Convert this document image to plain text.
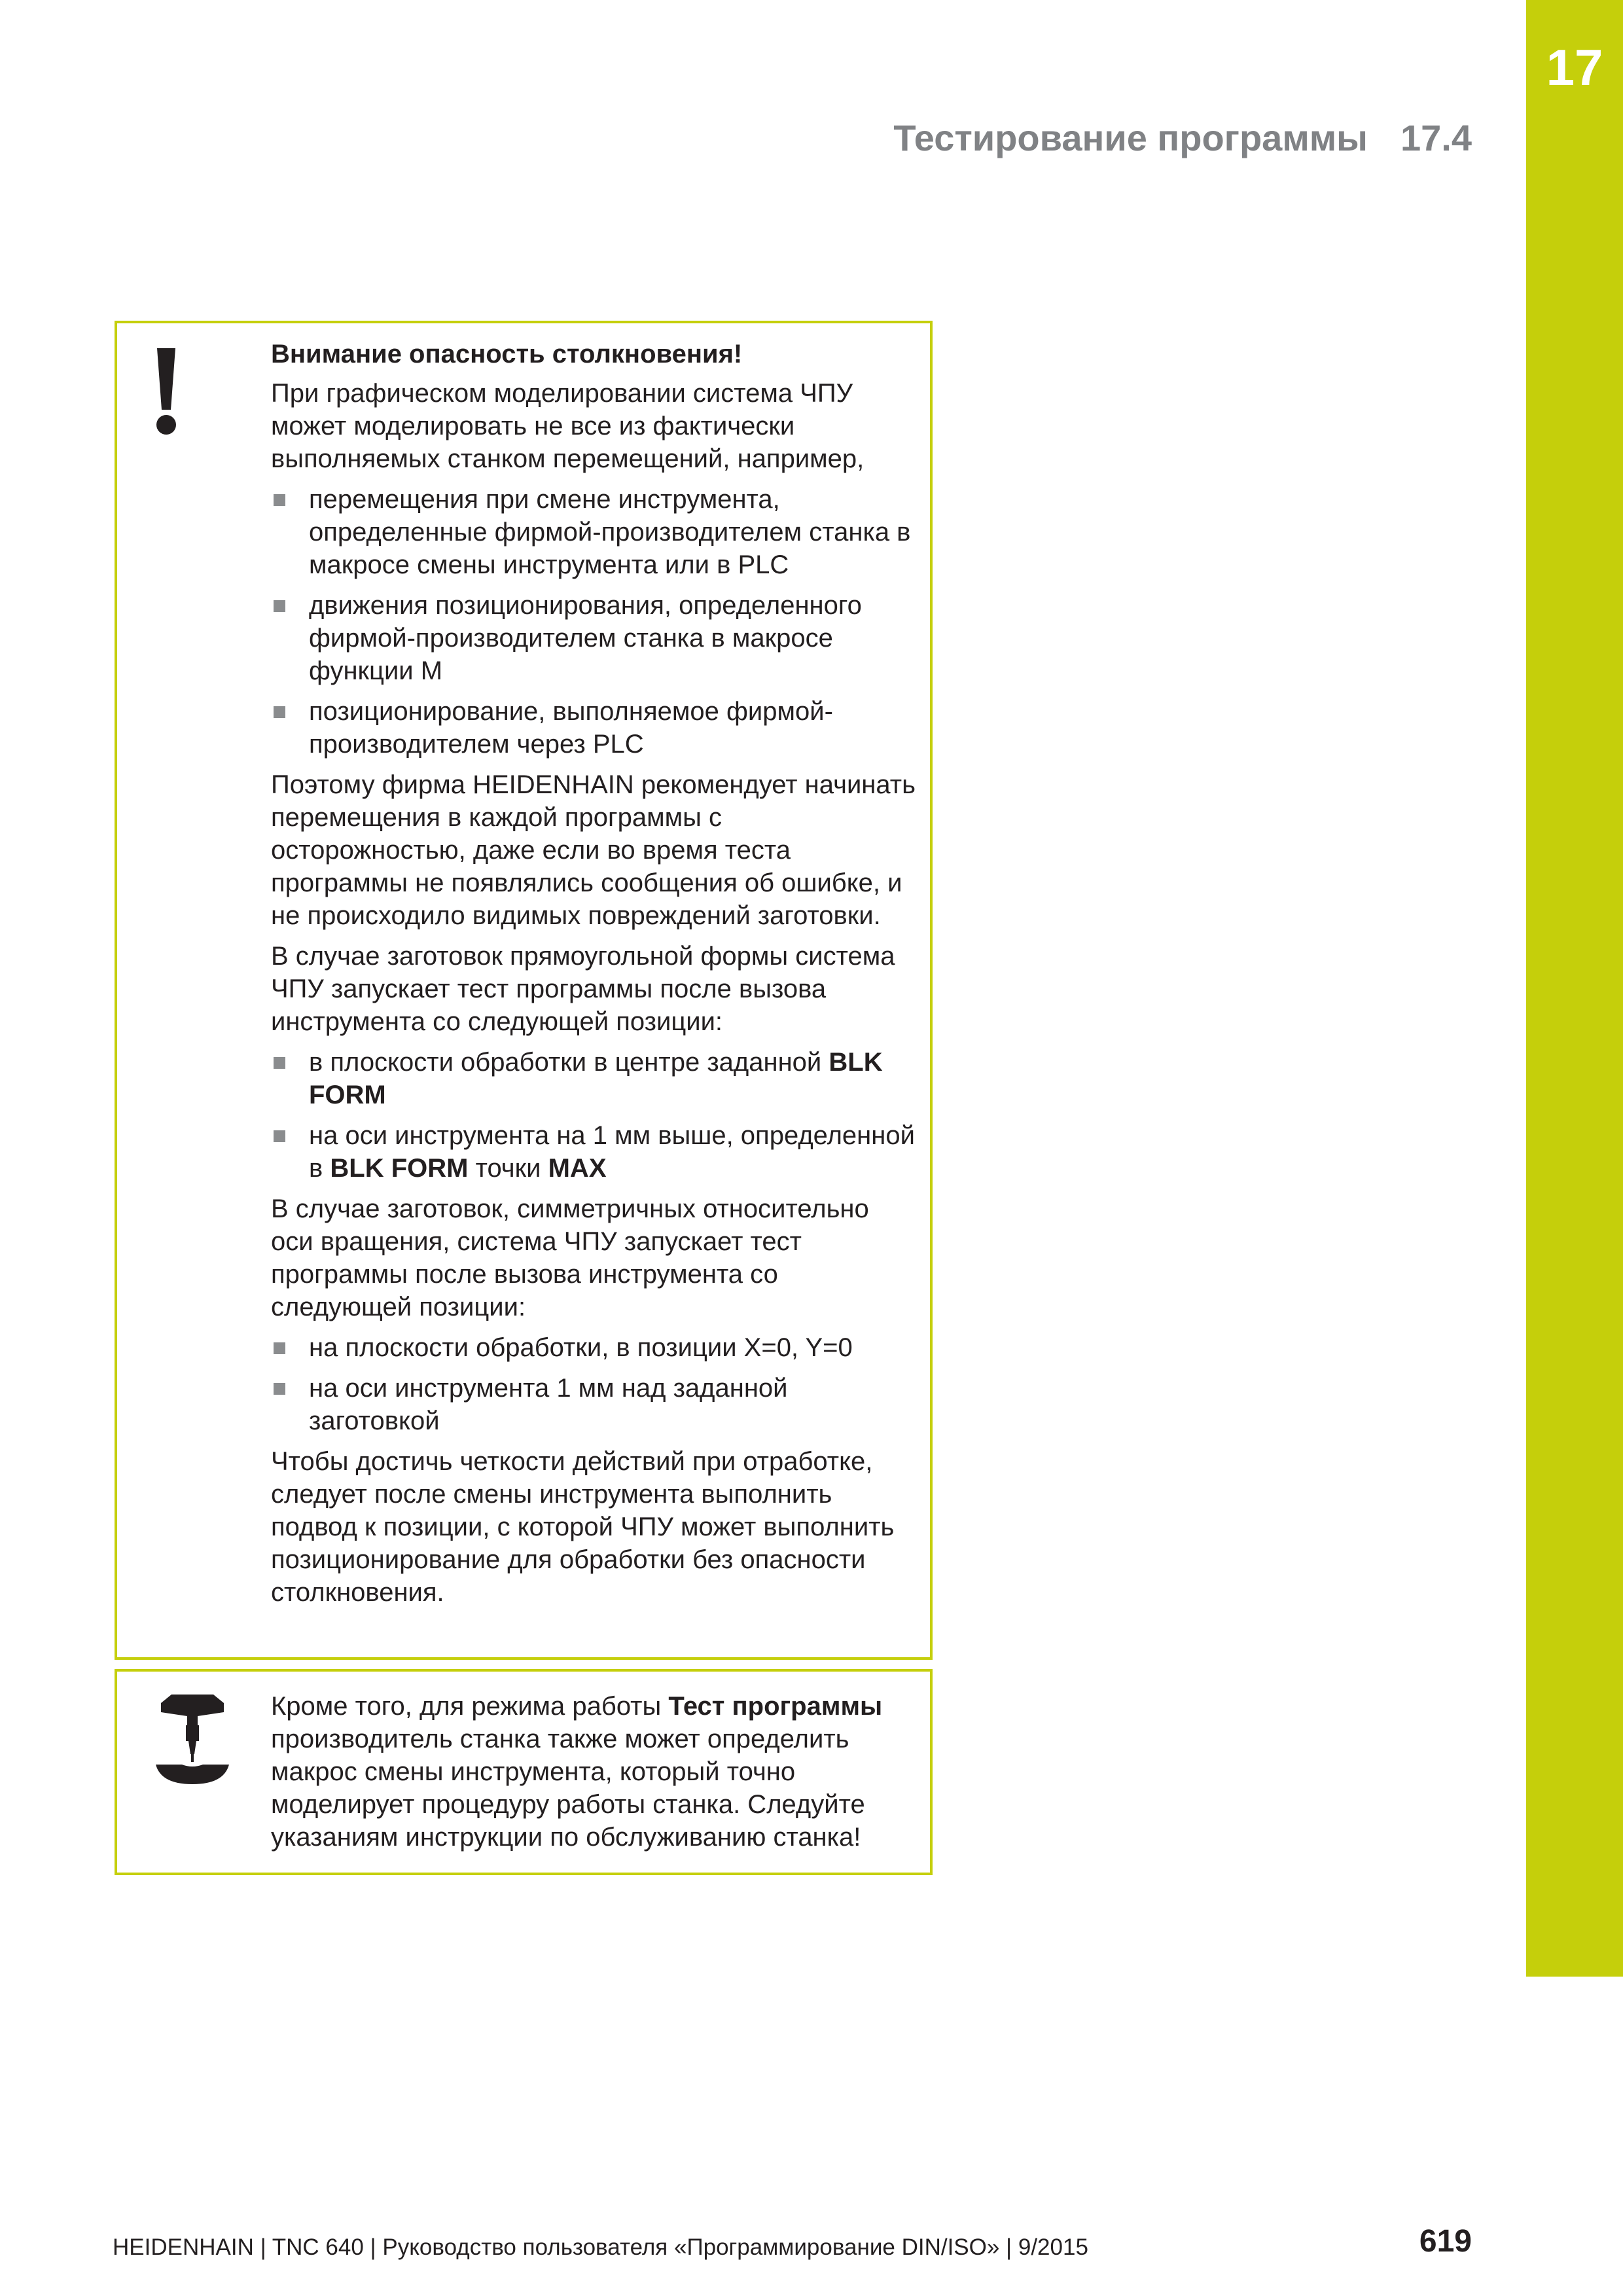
17
Тестирование программы 17.4

Внимание опасность столкновения!

При графическом моделировании система ЧПУ может моделировать не все из фактически выполняемых станком перемещений, например,

перемещения при смене инструмента, определенные фирмой-производителем станка в макросе смены инструмента или в PLC
движения позиционирования, определенного фирмой-производителем станка в макросе функции M
позиционирование, выполняемое фирмой-производителем через PLC

Поэтому фирма HEIDENHAIN рекомендует начинать перемещения в каждой программы с осторожностью, даже если во время теста программы не появлялись сообщения об ошибке, и не происходило видимых повреждений заготовки.

В случае заготовок прямоугольной формы система ЧПУ запускает тест программы после вызова инструмента со следующей позиции:

в плоскости обработки в центре заданной BLK FORM
на оси инструмента на 1 мм выше, определенной в BLK FORM точки MAX

В случае заготовок, симметричных относительно оси вращения, система ЧПУ запускает тест программы после вызова инструмента со следующей позиции:

на плоскости обработки, в позиции X=0, Y=0
на оси инструмента 1 мм над заданной заготовкой

Чтобы достичь четкости действий при отработке, следует после смены инструмента выполнить подвод к позиции, с которой ЧПУ может выполнить позиционирование для обработки без опасности столкновения.

Кроме того, для режима работы Тест программы производитель станка также может определить макрос смены инструмента, который точно моделирует процедуру работы станка. Следуйте указаниям инструкции по обслуживанию станка!

HEIDENHAIN | TNC 640 | Руководство пользователя «Программирование DIN/ISO» | 9/2015	619
